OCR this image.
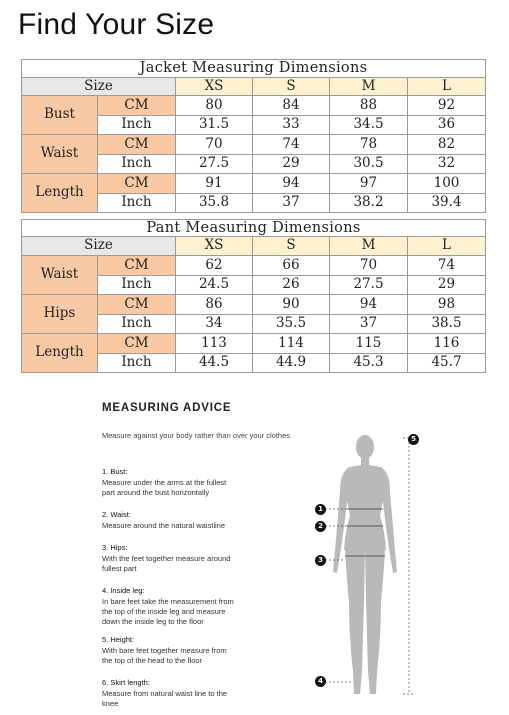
Find Your Size
Jacket Measuring Dimensions					
Size		XS	S	M	L
Bust	CM	80	84	88	92
	Inch	31.5	33	34.5	36
Waist	CM	70	74	78	82
	Inch	27.5	29	30.5	32
Length	CM	91	94	97	100
	Inch	35.8	37	38.2	39.4
Pant Measuring Dimensions					
Size		XS	S	M	L
Waist	CM	62	66	70	74
	Inch	24.5	26	27.5	29
Hips	CM	86	90	94	98
	Inch	34	35.5	37	38.5
Length	CM	113	114	115	116
	Inch	44.5	44.9	45.3	45.7
MEASURING ADVICE
Measure against your body rather than over your clothes
1. Bust:
Measure under the arms at the fullest
part around the bust horizontally
2. Waist:
Measure around the natural waistline
3. Hips:
With the feet together measure around
fullest part
4. Inside leg:
In bare feet take the measurement from
the top of the inside leg and measure
down the inside leg to the floor
5. Height:
With bare feet together measure from
the top of the head to the floor
6. Skirt length:
Measure from natural waist line to the
knee
5
1
2
3
4
